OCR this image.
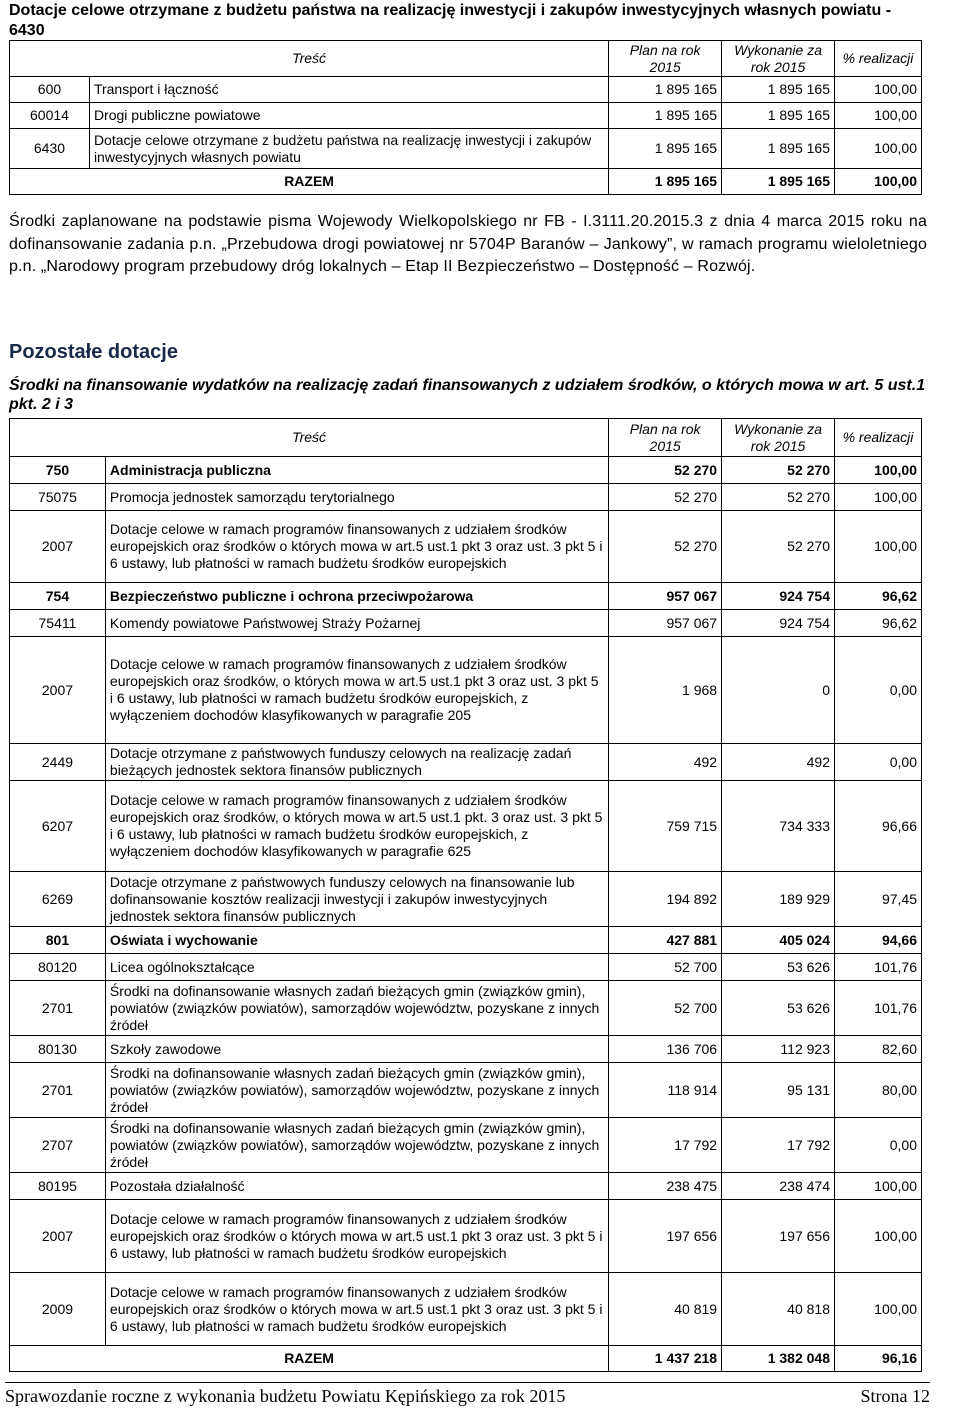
Dotacje celowe otrzymane z budżetu państwa na realizację inwestycji i zakupów inwestycyjnych własnych powiatu - 6430
Treść		Plan na rok 2015	Wykonanie za rok 2015	% realizacji
600	Transport i łączność	1 895 165	1 895 165	100,00
60014	Drogi publiczne powiatowe	1 895 165	1 895 165	100,00
6430	Dotacje celowe otrzymane z budżetu państwa na realizację inwestycji i zakupów inwestycyjnych własnych powiatu	1 895 165	1 895 165	100,00
RAZEM		1 895 165	1 895 165	100,00
Środki zaplanowane na podstawie pisma Wojewody Wielkopolskiego nr FB - I.3111.20.2015.3 z dnia 4 marca 2015 roku na dofinansowanie zadania p.n. „Przebudowa drogi powiatowej nr 5704P Baranów – Jankowy”, w ramach programu wieloletniego p.n. „Narodowy program przebudowy dróg lokalnych – Etap II Bezpieczeństwo – Dostępność – Rozwój.
Pozostałe dotacje
Środki na finansowanie wydatków na realizację zadań finansowanych z udziałem środków, o których mowa w art. 5 ust.1 pkt. 2 i 3
Treść		Plan na rok 2015	Wykonanie za rok 2015	% realizacji
750	Administracja publiczna	52 270	52 270	100,00
75075	Promocja jednostek samorządu terytorialnego	52 270	52 270	100,00
2007	Dotacje celowe w ramach programów finansowanych z udziałem środków europejskich oraz środków o których mowa w art.5 ust.1 pkt 3 oraz ust. 3 pkt 5 i 6 ustawy, lub płatności w ramach budżetu środków europejskich	52 270	52 270	100,00
754	Bezpieczeństwo publiczne i ochrona przeciwpożarowa	957 067	924 754	96,62
75411	Komendy powiatowe Państwowej Straży Pożarnej	957 067	924 754	96,62
2007	Dotacje celowe w ramach programów finansowanych z udziałem środków europejskich oraz środków, o których mowa w art.5 ust.1 pkt 3 oraz ust. 3 pkt 5 i 6 ustawy, lub płatności w ramach budżetu środków europejskich, z wyłączeniem dochodów klasyfikowanych w paragrafie 205	1 968	0	0,00
2449	Dotacje otrzymane z państwowych funduszy celowych na realizację zadań bieżących jednostek sektora finansów publicznych	492	492	0,00
6207	Dotacje celowe w ramach programów finansowanych z udziałem środków europejskich oraz środków, o których mowa w art.5 ust.1 pkt. 3 oraz ust. 3 pkt 5 i 6 ustawy, lub płatności w ramach budżetu środków europejskich, z wyłączeniem dochodów klasyfikowanych w paragrafie 625	759 715	734 333	96,66
6269	Dotacje otrzymane z państwowych funduszy celowych na finansowanie lub dofinansowanie kosztów realizacji inwestycji i zakupów inwestycyjnych jednostek sektora finansów publicznych	194 892	189 929	97,45
801	Oświata i wychowanie	427 881	405 024	94,66
80120	Licea ogólnokształcące	52 700	53 626	101,76
2701	Środki na dofinansowanie własnych zadań bieżących gmin (związków gmin), powiatów (związków powiatów), samorządów województw, pozyskane z innych źródeł	52 700	53 626	101,76
80130	Szkoły zawodowe	136 706	112 923	82,60
2701	Środki na dofinansowanie własnych zadań bieżących gmin (związków gmin), powiatów (związków powiatów), samorządów województw, pozyskane z innych źródeł	118 914	95 131	80,00
2707	Środki na dofinansowanie własnych zadań bieżących gmin (związków gmin), powiatów (związków powiatów), samorządów województw, pozyskane z innych źródeł	17 792	17 792	0,00
80195	Pozostała działalność	238 475	238 474	100,00
2007	Dotacje celowe w ramach programów finansowanych z udziałem środków europejskich oraz środków o których mowa w art.5 ust.1 pkt 3 oraz ust. 3 pkt 5 i 6 ustawy, lub płatności w ramach budżetu środków europejskich	197 656	197 656	100,00
2009	Dotacje celowe w ramach programów finansowanych z udziałem środków europejskich oraz środków o których mowa w art.5 ust.1 pkt 3 oraz ust. 3 pkt 5 i 6 ustawy, lub płatności w ramach budżetu środków europejskich	40 819	40 818	100,00
RAZEM		1 437 218	1 382 048	96,16
Sprawozdanie roczne z wykonania budżetu Powiatu Kępińskiego za rok 2015	Strona 12
